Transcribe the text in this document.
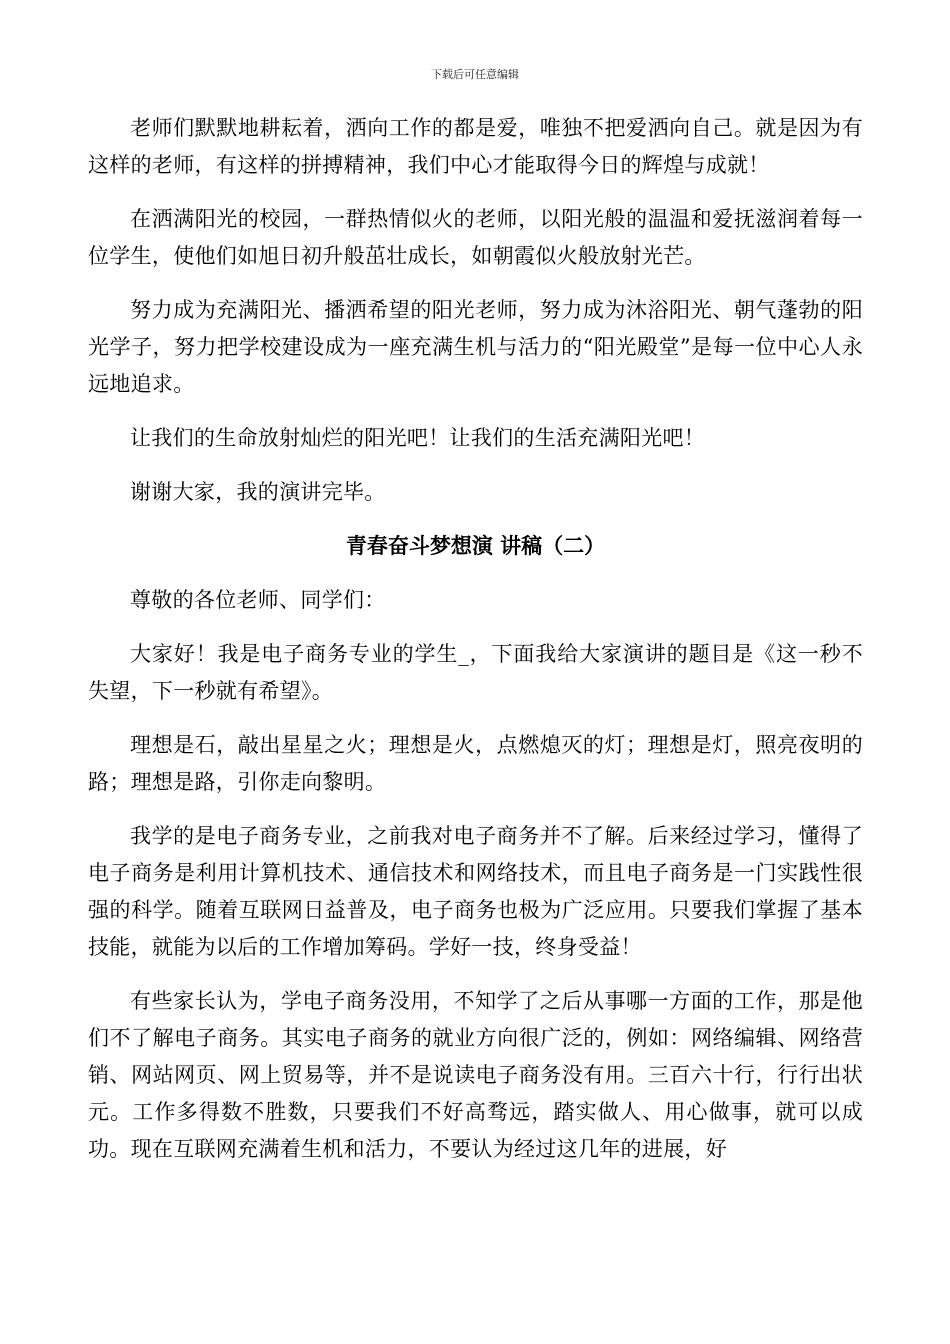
下载后可任意编辑

老师们默默地耕耘着，洒向工作的都是爱，唯独不把爱洒向自己。就是因为有这样的老师，有这样的拼搏精神，我们中心才能取得今日的辉煌与成就！

在洒满阳光的校园，一群热情似火的老师，以阳光般的温温和爱抚滋润着每一位学生，使他们如旭日初升般茁壮成长，如朝霞似火般放射光芒。

努力成为充满阳光、播洒希望的阳光老师，努力成为沐浴阳光、朝气蓬勃的阳光学子，努力把学校建设成为一座充满生机与活力的“阳光殿堂”是每一位中心人永远地追求。

让我们的生命放射灿烂的阳光吧！让我们的生活充满阳光吧！

谢谢大家，我的演讲完毕。

青春奋斗梦想演 讲稿（二）

尊敬的各位老师、同学们：

大家好！我是电子商务专业的学生_，下面我给大家演讲的题目是《这一秒不失望，下一秒就有希望》。

理想是石，敲出星星之火；理想是火，点燃熄灭的灯；理想是灯，照亮夜明的路；理想是路，引你走向黎明。

我学的是电子商务专业，之前我对电子商务并不了解。后来经过学习，懂得了电子商务是利用计算机技术、通信技术和网络技术，而且电子商务是一门实践性很强的科学。随着互联网日益普及，电子商务也极为广泛应用。只要我们掌握了基本技能，就能为以后的工作增加筹码。学好一技，终身受益！

有些家长认为，学电子商务没用，不知学了之后从事哪一方面的工作，那是他们不了解电子商务。其实电子商务的就业方向很广泛的，例如：网络编辑、网络营销、网站网页、网上贸易等，并不是说读电子商务没有用。三百六十行，行行出状元。工作多得数不胜数，只要我们不好高骛远，踏实做人、用心做事，就可以成功。现在互联网充满着生机和活力，不要认为经过这几年的进展，好
